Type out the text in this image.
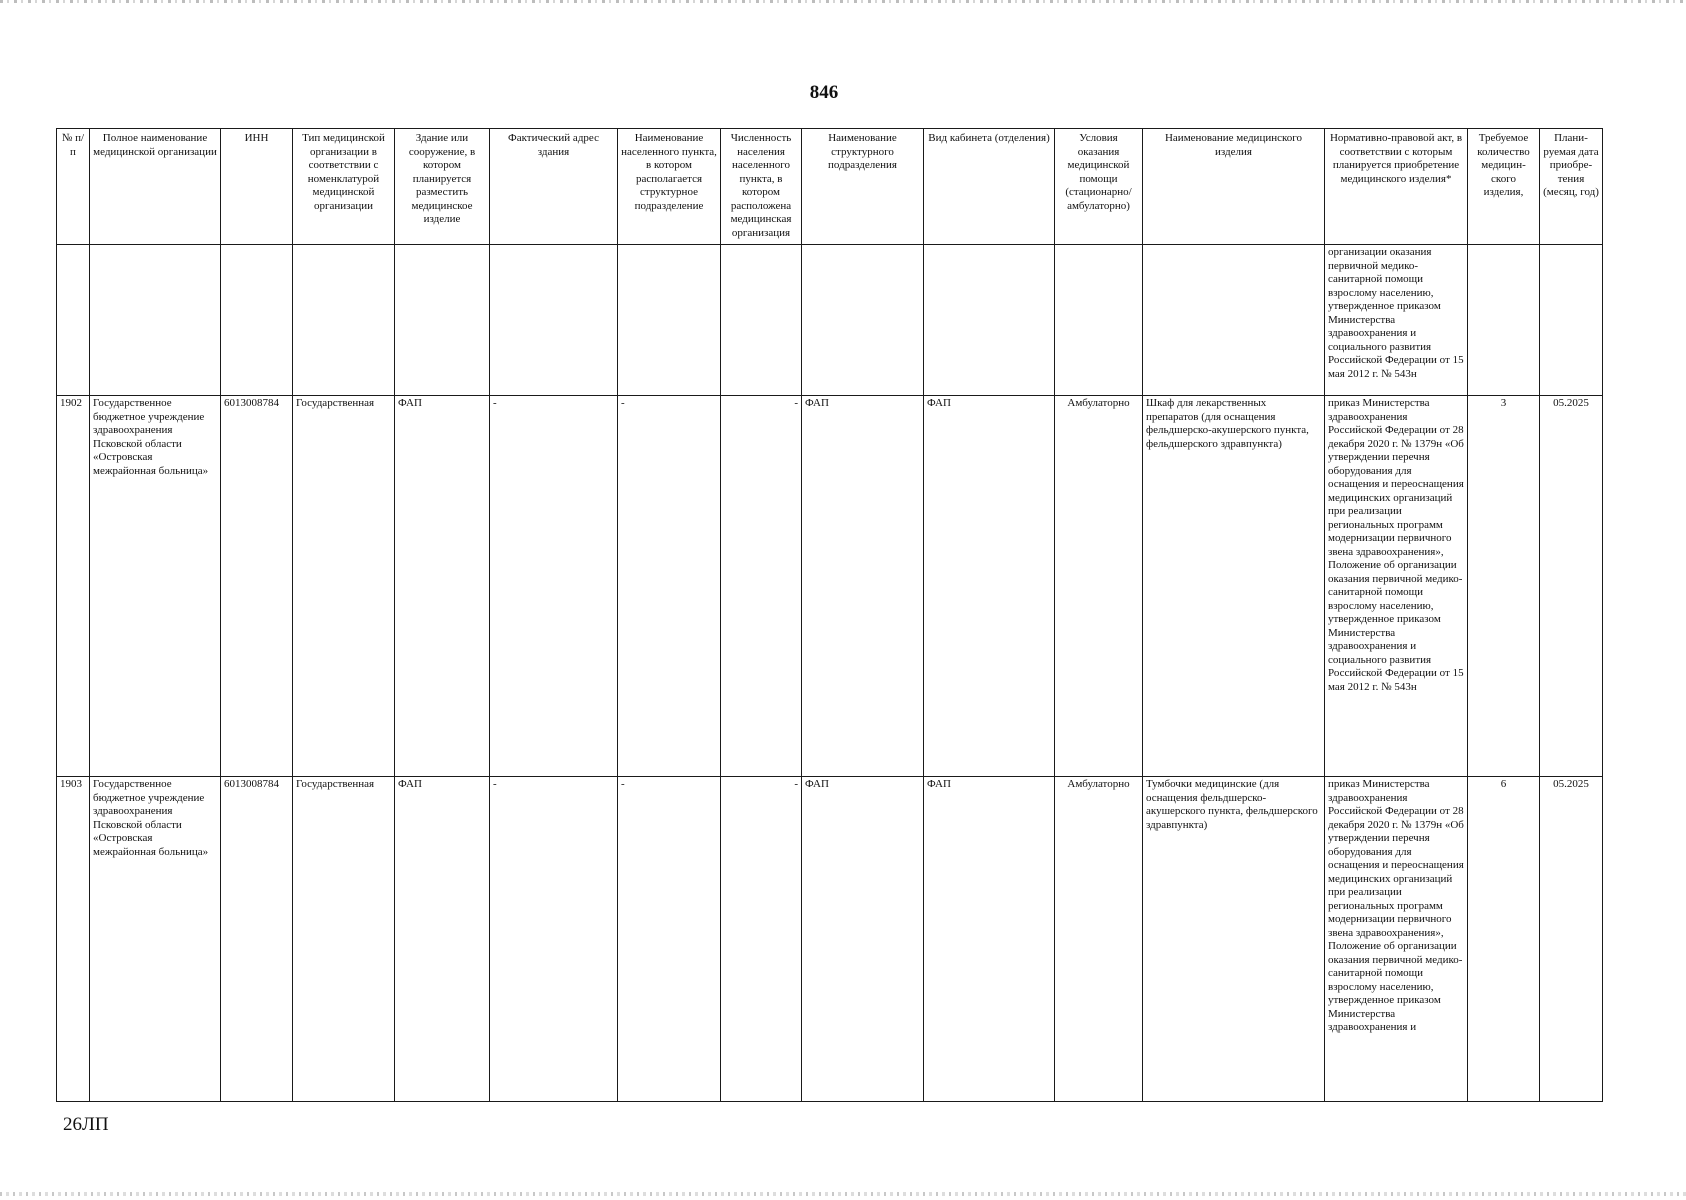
846
№ п/п	Полное наименование медицинской организации	ИНН	Тип медицинской организации в соответствии с номенклатурой медицинской организации	Здание или сооружение, в котором планируется разместить медицинское изделие	Фактический адрес здания	Наименование населенного пункта, в котором располагается структурное подразделение	Численность населения населенного пункта, в котором расположена медицинская организация	Наименование структурного подразделения	Вид кабинета (отделения)	Условия оказания медицинской помощи (стационарно/ амбулаторно)	Наименование медицинского изделия	Нормативно-правовой акт, в соответствии с которым планируется приобретение медицинского изделия*	Требуемое количество медицин-ского изделия,	Плани-руемая дата приобре-тения (месяц, год)
												организации оказания первичной медико-санитарной помощи взрослому населению, утвержденное приказом Министерства здравоохранения и социального развития Российской Федерации от 15 мая 2012 г. № 543н		
1902	Государственное бюджетное учреждение здравоохранения Псковской области «Островская межрайонная больница»	6013008784	Государственная	ФАП	-	-	-	ФАП	ФАП	Амбулаторно	Шкаф для лекарственных препаратов (для оснащения фельдшерско-акушерского пункта, фельдшерского здравпункта)	приказ Министерства здравоохранения Российской Федерации от 28 декабря 2020 г. № 1379н «Об утверждении перечня оборудования для оснащения и переоснащения медицинских организаций при реализации региональных программ модернизации первичного звена здравоохранения», Положение об организации оказания первичной медико-санитарной помощи взрослому населению, утвержденное приказом Министерства здравоохранения и социального развития Российской Федерации от 15 мая 2012 г. № 543н	3	05.2025
1903	Государственное бюджетное учреждение здравоохранения Псковской области «Островская межрайонная больница»	6013008784	Государственная	ФАП	-	-	-	ФАП	ФАП	Амбулаторно	Тумбочки медицинские (для оснащения фельдшерско-акушерского пункта, фельдшерского здравпункта)	приказ Министерства здравоохранения Российской Федерации от 28 декабря 2020 г. № 1379н «Об утверждении перечня оборудования для оснащения и переоснащения медицинских организаций при реализации региональных программ модернизации первичного звена здравоохранения», Положение об организации оказания первичной медико-санитарной помощи взрослому населению, утвержденное приказом Министерства здравоохранения и	6	05.2025
26ЛП
